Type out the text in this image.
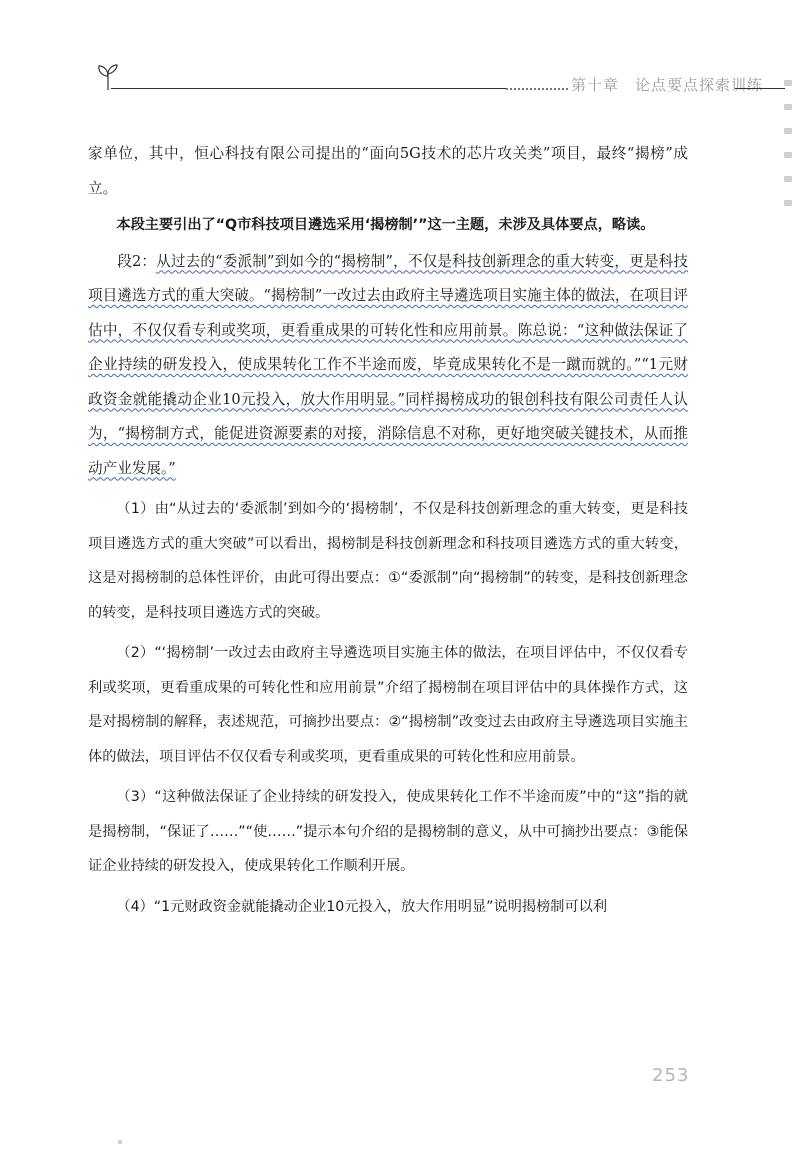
第十章　论点要点探索训练

家单位，其中，恒心科技有限公司提出的“面向5G技术的芯片攻关类”项目，最终“揭榜”成立。

本段主要引出了“Q市科技项目遴选采用‘揭榜制’”这一主题，未涉及具体要点，略读。

段2：从过去的“委派制”到如今的“揭榜制”，不仅是科技创新理念的重大转变，更是科技项目遴选方式的重大突破。“揭榜制”一改过去由政府主导遴选项目实施主体的做法，在项目评估中，不仅仅看专利或奖项，更看重成果的可转化性和应用前景。陈总说：“这种做法保证了企业持续的研发投入，使成果转化工作不半途而废，毕竟成果转化不是一蹴而就的。”“1元财政资金就能撬动企业10元投入，放大作用明显。”同样揭榜成功的银创科技有限公司责任人认为，“揭榜制方式，能促进资源要素的对接，消除信息不对称，更好地突破关键技术，从而推动产业发展。”

（1）由“从过去的‘委派制’到如今的‘揭榜制’，不仅是科技创新理念的重大转变，更是科技项目遴选方式的重大突破”可以看出，揭榜制是科技创新理念和科技项目遴选方式的重大转变，这是对揭榜制的总体性评价，由此可得出要点：①“委派制”向“揭榜制”的转变，是科技创新理念的转变，是科技项目遴选方式的突破。

（2）“‘揭榜制’一改过去由政府主导遴选项目实施主体的做法，在项目评估中，不仅仅看专利或奖项，更看重成果的可转化性和应用前景”介绍了揭榜制在项目评估中的具体操作方式，这是对揭榜制的解释，表述规范，可摘抄出要点：②“揭榜制”改变过去由政府主导遴选项目实施主体的做法，项目评估不仅仅看专利或奖项，更看重成果的可转化性和应用前景。

（3）“这种做法保证了企业持续的研发投入，使成果转化工作不半途而废”中的“这”指的就是揭榜制，“保证了……”“使……”提示本句介绍的是揭榜制的意义，从中可摘抄出要点：③能保证企业持续的研发投入，使成果转化工作顺利开展。

（4）“1元财政资金就能撬动企业10元投入，放大作用明显”说明揭榜制可以利

253
